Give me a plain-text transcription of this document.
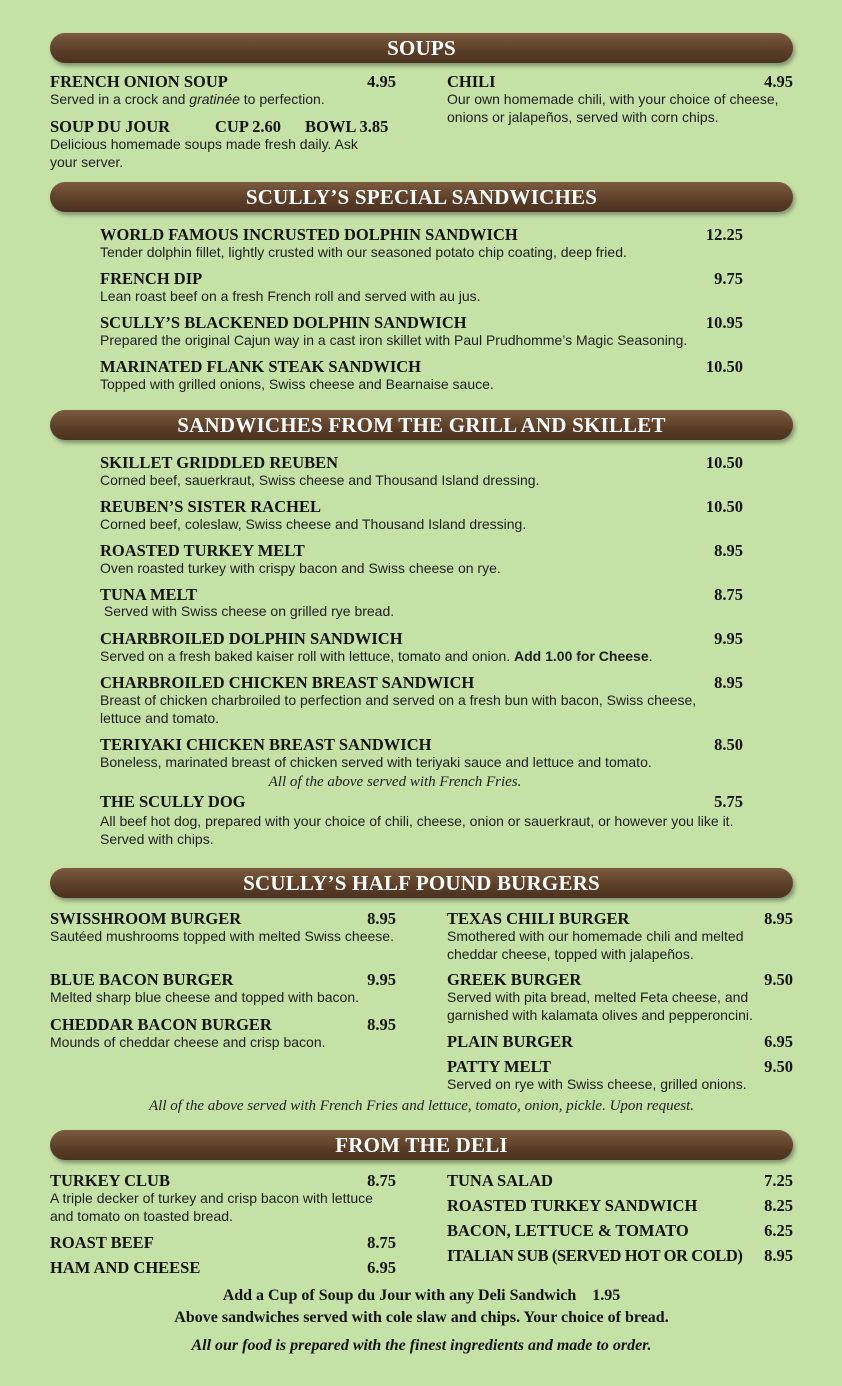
SOUPS
FRENCH ONION SOUP	4.95
Served in a crock and gratinée to perfection.
SOUP DU JOUR	CUP 2.60 BOWL 3.85
Delicious homemade soups made fresh daily. Ask your server.
CHILI	4.95
Our own homemade chili, with your choice of cheese, onions or jalapeños, served with corn chips.
SCULLY’S SPECIAL SANDWICHES
WORLD FAMOUS INCRUSTED DOLPHIN SANDWICH	12.25
Tender dolphin fillet, lightly crusted with our seasoned potato chip coating, deep fried.
FRENCH DIP	9.75
Lean roast beef on a fresh French roll and served with au jus.
SCULLY’S BLACKENED DOLPHIN SANDWICH	10.95
Prepared the original Cajun way in a cast iron skillet with Paul Prudhomme’s Magic Seasoning.
MARINATED FLANK STEAK SANDWICH	10.50
Topped with grilled onions, Swiss cheese and Bearnaise sauce.
SANDWICHES FROM THE GRILL AND SKILLET
SKILLET GRIDDLED REUBEN	10.50
Corned beef, sauerkraut, Swiss cheese and Thousand Island dressing.
REUBEN’S SISTER RACHEL	10.50
Corned beef, coleslaw, Swiss cheese and Thousand Island dressing.
ROASTED TURKEY MELT	8.95
Oven roasted turkey with crispy bacon and Swiss cheese on rye.
TUNA MELT	8.75
Served with Swiss cheese on grilled rye bread.
CHARBROILED DOLPHIN SANDWICH	9.95
Served on a fresh baked kaiser roll with lettuce, tomato and onion. Add 1.00 for Cheese.
CHARBROILED CHICKEN BREAST SANDWICH	8.95
Breast of chicken charbroiled to perfection and served on a fresh bun with bacon, Swiss cheese, lettuce and tomato.
TERIYAKI CHICKEN BREAST SANDWICH	8.50
Boneless, marinated breast of chicken served with teriyaki sauce and lettuce and tomato.
All of the above served with French Fries.
THE SCULLY DOG	5.75
All beef hot dog, prepared with your choice of chili, cheese, onion or sauerkraut, or however you like it. Served with chips.
SCULLY’S HALF POUND BURGERS
SWISSHROOM BURGER	8.95
Sautéed mushrooms topped with melted Swiss cheese.
BLUE BACON BURGER	9.95
Melted sharp blue cheese and topped with bacon.
CHEDDAR BACON BURGER	8.95
Mounds of cheddar cheese and crisp bacon.
TEXAS CHILI BURGER	8.95
Smothered with our homemade chili and melted cheddar cheese, topped with jalapeños.
GREEK BURGER	9.50
Served with pita bread, melted Feta cheese, and garnished with kalamata olives and pepperoncini.
PLAIN BURGER	6.95
PATTY MELT	9.50
Served on rye with Swiss cheese, grilled onions.
All of the above served with French Fries and lettuce, tomato, onion, pickle. Upon request.
FROM THE DELI
TURKEY CLUB	8.75
A triple decker of turkey and crisp bacon with lettuce and tomato on toasted bread.
ROAST BEEF	8.75
HAM AND CHEESE	6.95
TUNA SALAD	7.25
ROASTED TURKEY SANDWICH	8.25
BACON, LETTUCE & TOMATO	6.25
ITALIAN SUB (SERVED HOT OR COLD)	8.95
Add a Cup of Soup du Jour with any Deli Sandwich 1.95
Above sandwiches served with cole slaw and chips. Your choice of bread.
All our food is prepared with the finest ingredients and made to order.
